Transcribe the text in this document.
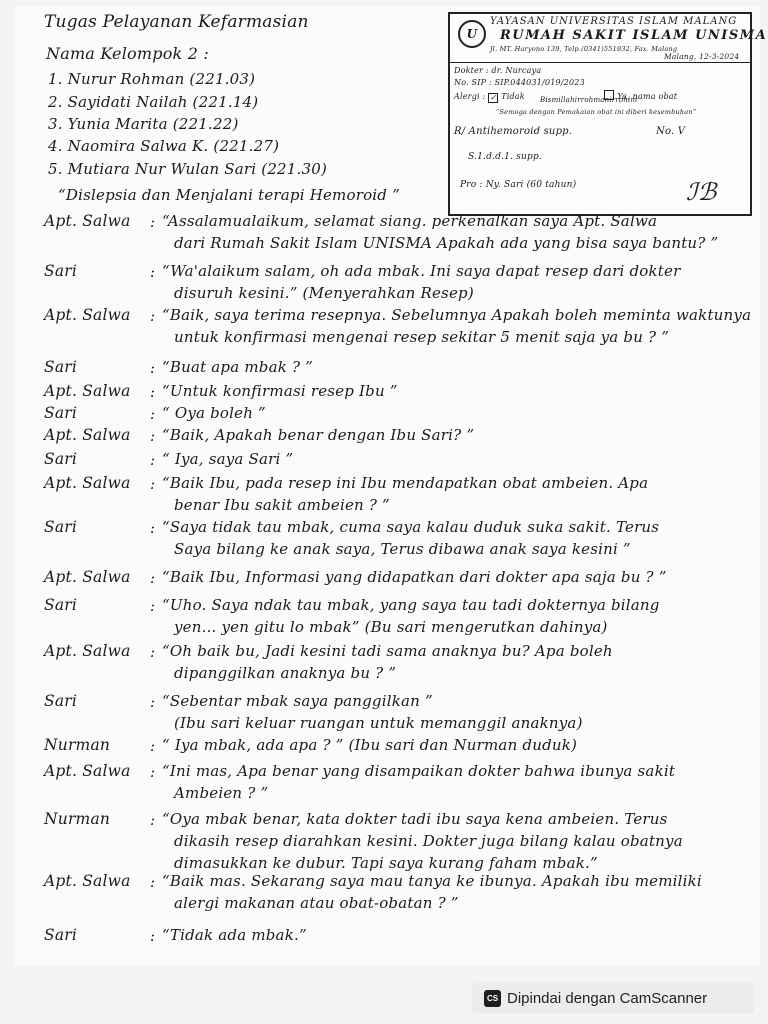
Tugas Pelayanan Kefarmasian
Nama Kelompok 2 :
1. Nurur Rohman (221.03)
2. Sayidati Nailah (221.14)
3. Yunia Marita (221.22)
4. Naomira Salwa K. (221.27)
5. Mutiara Nur Wulan Sari (221.30)
“Dislepsia dan Menjalani terapi Hemoroid ”
U
YAYASAN UNIVERSITAS ISLAM MALANG
RUMAH SAKIT ISLAM UNISMA
Jl. MT. Haryono 139, Telp.(0341)551932, Fax. Malang
Malang, 12-3-2024
Dokter : dr. Nurcaya
No. SIP : SIP.044031/019/2023
Alergi : ✓ Tidak	Ya, nama obat
Bismillahirrohmanirrohim
“Semoga dengan Pemakaian obat ini diberi kesembuhan”
R/ Antihemoroid supp.	No. V
S.1.d.d.1. supp.
Pro : Ny. Sari (60 tahun)	ℐℬ
Apt. Salwa : “Assalamualaikum, selamat siang. perkenalkan saya Apt. Salwa
dari Rumah Sakit Islam UNISMA Apakah ada yang bisa saya bantu? ”
Sari	: “Wa'alaikum salam, oh ada mbak. Ini saya dapat resep dari dokter
disuruh kesini.” (Menyerahkan Resep)
Apt. Salwa : “Baik, saya terima resepnya. Sebelumnya Apakah boleh meminta waktunya
untuk konfirmasi mengenai resep sekitar 5 menit saja ya bu ? ”
Sari	: “Buat apa mbak ? ”
Apt. Salwa : “Untuk konfirmasi resep Ibu ”
Sari	: “ Oya boleh ”
Apt. Salwa : “Baik, Apakah benar dengan Ibu Sari? ”
Sari	: “ Iya, saya Sari ”
Apt. Salwa : “Baik Ibu, pada resep ini Ibu mendapatkan obat ambeien. Apa
benar Ibu sakit ambeien ? ”
Sari	: “Saya tidak tau mbak, cuma saya kalau duduk suka sakit. Terus
Saya bilang ke anak saya, Terus dibawa anak saya kesini ”
Apt. Salwa : “Baik Ibu, Informasi yang didapatkan dari dokter apa saja bu ? ”
Sari	: “Uho. Saya ndak tau mbak, yang saya tau tadi dokternya bilang
yen... yen gitu lo mbak” (Bu sari mengerutkan dahinya)
Apt. Salwa : “Oh baik bu, Jadi kesini tadi sama anaknya bu? Apa boleh
dipanggilkan anaknya bu ? ”
Sari	: “Sebentar mbak saya panggilkan ”
(Ibu sari keluar ruangan untuk memanggil anaknya)
Nurman	: “ Iya mbak, ada apa ? ” (Ibu sari dan Nurman duduk)
Apt. Salwa : “Ini mas, Apa benar yang disampaikan dokter bahwa ibunya sakit
Ambeien ? ”
Nurman	: “Oya mbak benar, kata dokter tadi ibu saya kena ambeien. Terus
dikasih resep diarahkan kesini. Dokter juga bilang kalau obatnya
dimasukkan ke dubur. Tapi saya kurang faham mbak.”
Apt. Salwa : “Baik mas. Sekarang saya mau tanya ke ibunya. Apakah ibu memiliki
alergi makanan atau obat-obatan ? ”
Sari	: “Tidak ada mbak.”
CS Dipindai dengan CamScanner
